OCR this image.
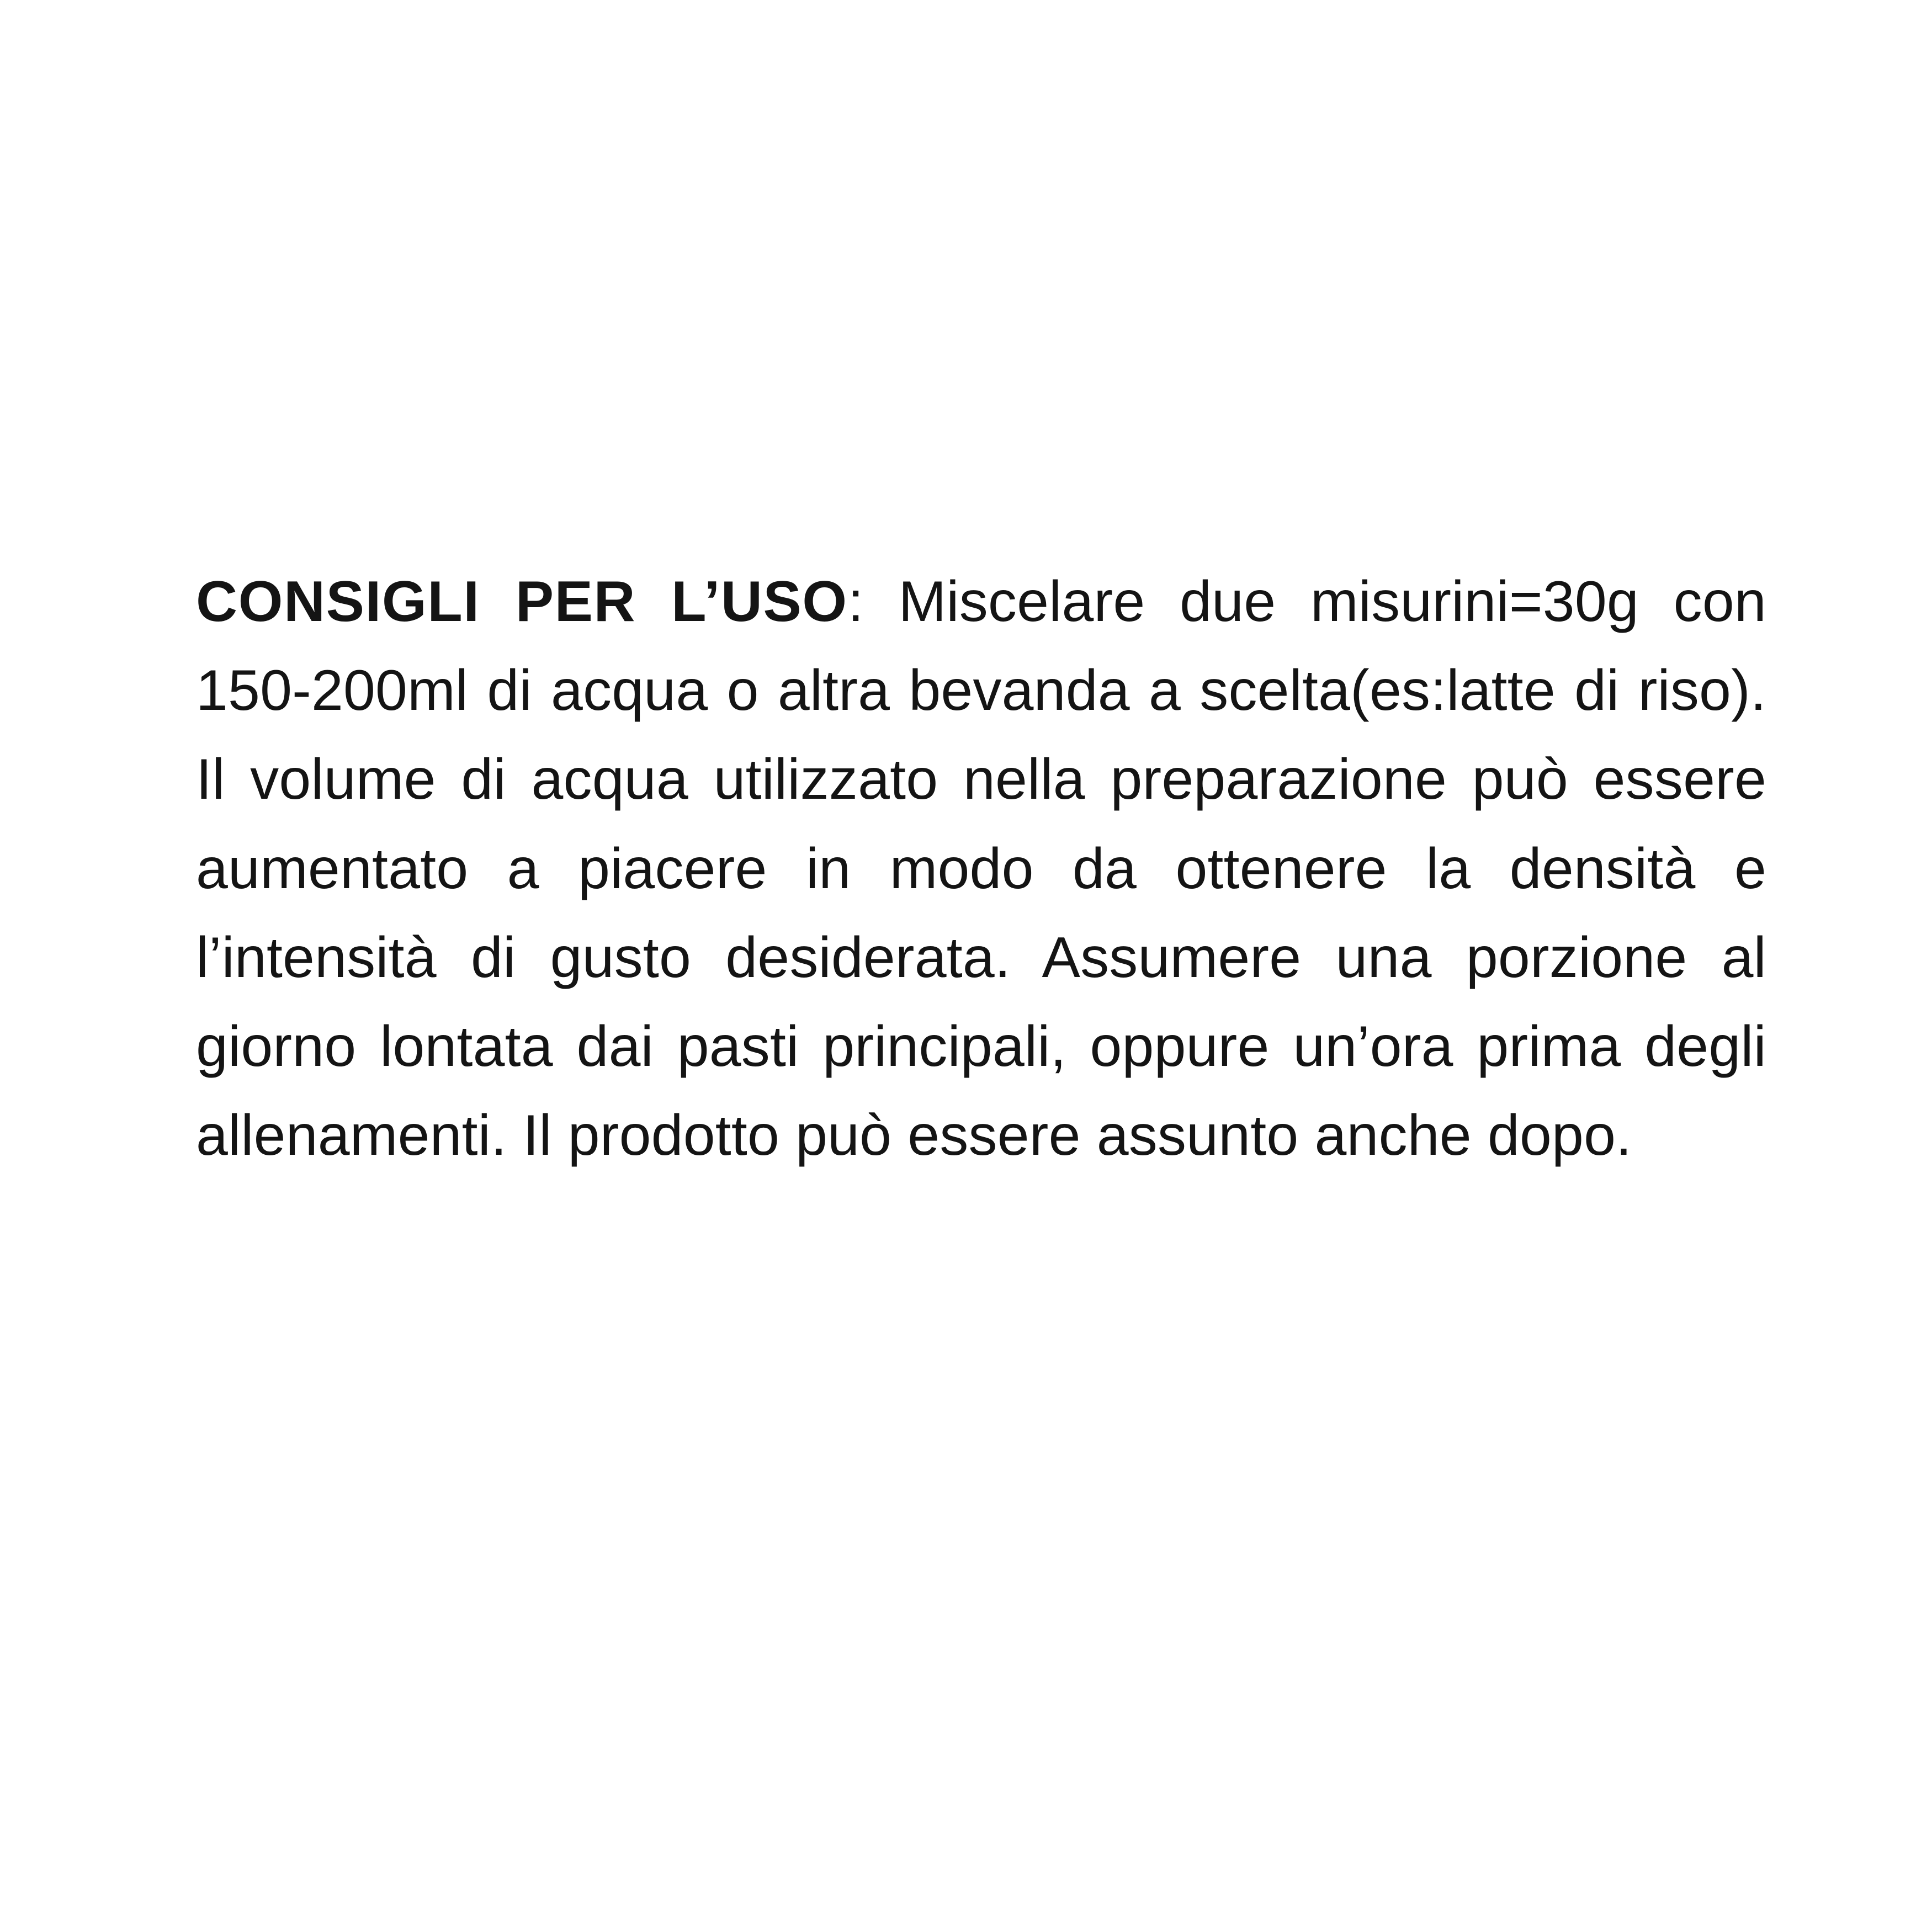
CONSIGLI PER L’USO: Miscelare due misurini=30g con 150-200ml di acqua o altra bevanda a scelta(es:latte di riso). Il volume di acqua utilizzato nella preparazione può essere aumentato a piacere in modo da ottenere la densità e l’intensità di gusto desiderata. Assumere una porzione al giorno lontata dai pasti principali, oppure un’ora prima degli allenamenti. Il prodotto può essere assunto anche dopo.
